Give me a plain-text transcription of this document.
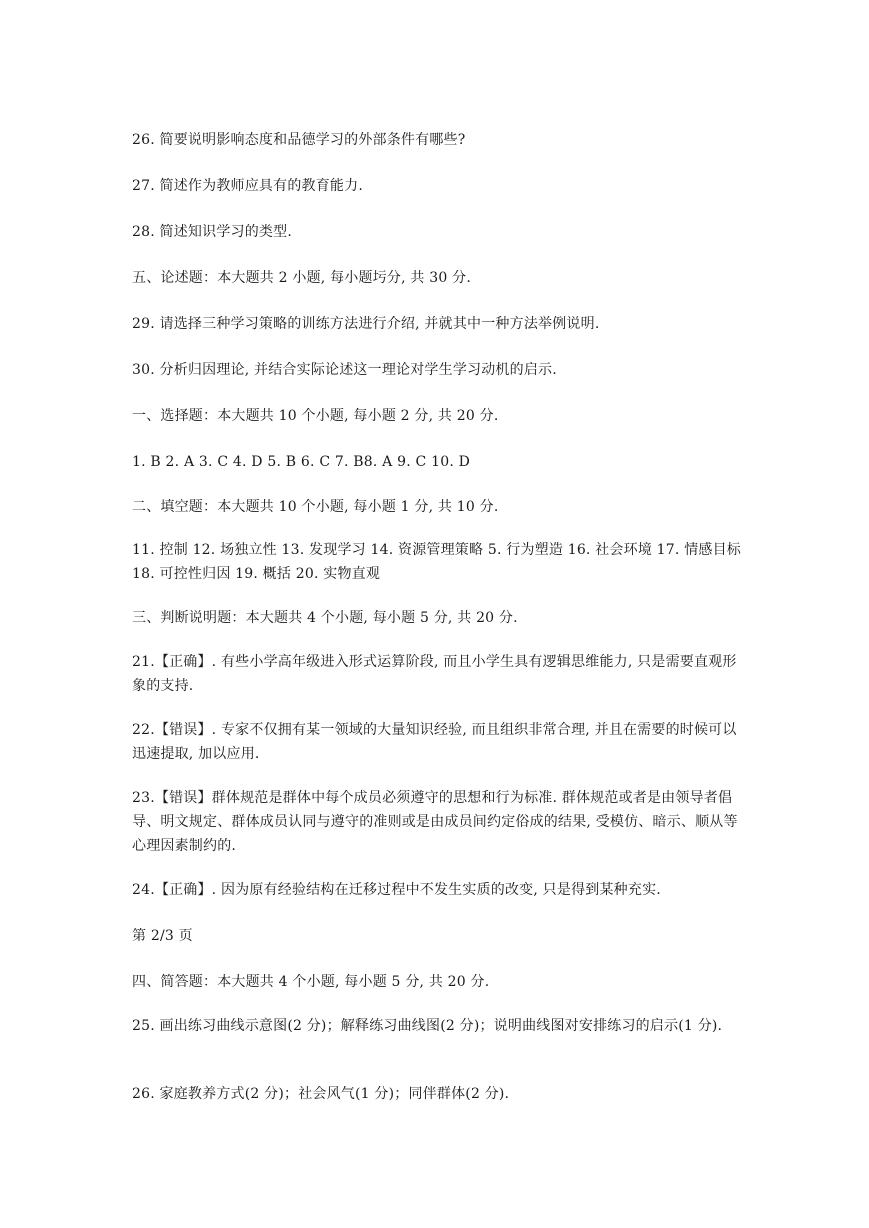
26. 简要说明影响态度和品德学习的外部条件有哪些?

27. 简述作为教师应具有的教育能力.

28. 简述知识学习的类型.

五、论述题：本大题共 2 小题, 每小题圬分, 共 30 分.

29. 请选择三种学习策略的训练方法进行介绍, 并就其中一种方法举例说明.

30. 分析归因理论, 并结合实际论述这一理论对学生学习动机的启示.

一、选择题：本大题共 10 个小题, 每小题 2 分, 共 20 分.

1. B 2. A 3. C 4. D 5. B 6. C 7. B8. A 9. C 10. D

二、填空题：本大题共 10 个小题, 每小题 1 分, 共 10 分.

11. 控制 12. 场独立性 13. 发现学习 14. 资源管理策略 5. 行为塑造 16. 社会环境 17. 情感目标 18. 可控性归因 19. 概括 20. 实物直观

三、判断说明题：本大题共 4 个小题, 每小题 5 分, 共 20 分.

21.【正确】. 有些小学高年级进入形式运算阶段, 而且小学生具有逻辑思维能力, 只是需要直观形象的支持.

22.【错误】. 专家不仅拥有某一领域的大量知识经验, 而且组织非常合理, 并且在需要的时候可以迅速提取, 加以应用.

23.【错误】群体规范是群体中每个成员必须遵守的思想和行为标准. 群体规范或者是由领导者倡导、明文规定、群体成员认同与遵守的准则或是由成员间约定俗成的结果, 受模仿、暗示、顺从等心理因素制约的.

24.【正确】. 因为原有经验结构在迁移过程中不发生实质的改变, 只是得到某种充实.

第 2/3 页

四、简答题：本大题共 4 个小题, 每小题 5 分, 共 20 分.

25. 画出练习曲线示意图(2 分)；解释练习曲线图(2 分)；说明曲线图对安排练习的启示(1 分).

26. 家庭教养方式(2 分)；社会风气(1 分)；同伴群体(2 分).
